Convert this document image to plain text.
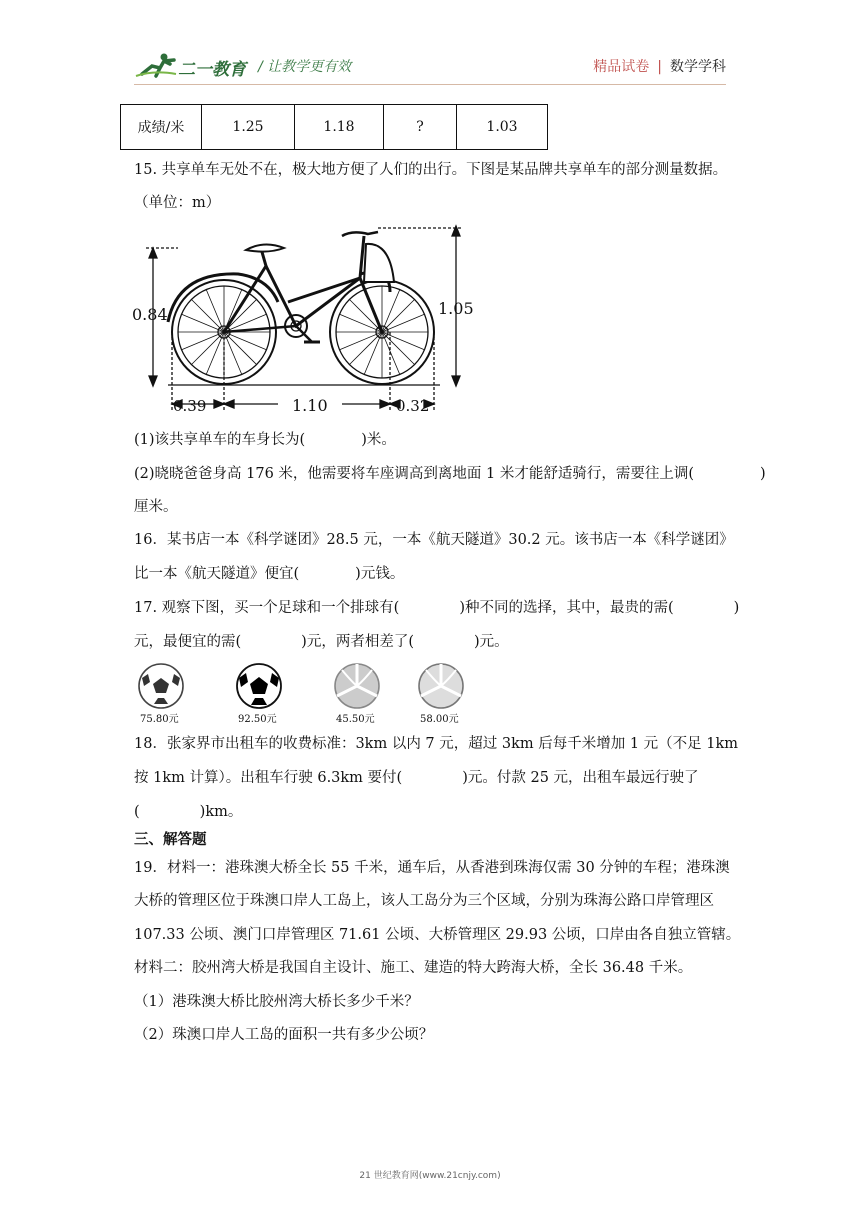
二一教育 / 让教学更有效	精品试卷 | 数学学科
成绩/米	1.25	1.18	?	1.03
15. 共享单车无处不在，极大地方便了人们的出行。下图是某品牌共享单车的部分测量数据。
（单位：m）
0.84	1.05
0.39	1.10	0.32
(1)该共享单车的车身长为(	)米。
(2)晓晓爸爸身高 176 米，他需要将车座调高到离地面 1 米才能舒适骑行，需要往上调(	)
厘米。
16．某书店一本《科学谜团》28.5 元，一本《航天隧道》30.2 元。该书店一本《科学谜团》
比一本《航天隧道》便宜(	)元钱。
17. 观察下图，买一个足球和一个排球有(	)种不同的选择，其中，最贵的需(	)
元，最便宜的需(	)元，两者相差了(	)元。
75.80元	92.50元	45.50元	58.00元
18．张家界市出租车的收费标准：3km 以内 7 元，超过 3km 后每千米增加 1 元（不足 1km
按 1km 计算）。出租车行驶 6.3km 要付(	)元。付款 25 元，出租车最远行驶了
(	)km。
三、解答题
19．材料一：港珠澳大桥全长 55 千米，通车后，从香港到珠海仅需 30 分钟的车程；港珠澳
大桥的管理区位于珠澳口岸人工岛上，该人工岛分为三个区域，分别为珠海公路口岸管理区
107.33 公顷、澳门口岸管理区 71.61 公顷、大桥管理区 29.93 公顷，口岸由各自独立管辖。
材料二：胶州湾大桥是我国自主设计、施工、建造的特大跨海大桥，全长 36.48 千米。
（1）港珠澳大桥比胶州湾大桥长多少千米？
（2）珠澳口岸人工岛的面积一共有多少公顷？
21 世纪教育网(www.21cnjy.com)
